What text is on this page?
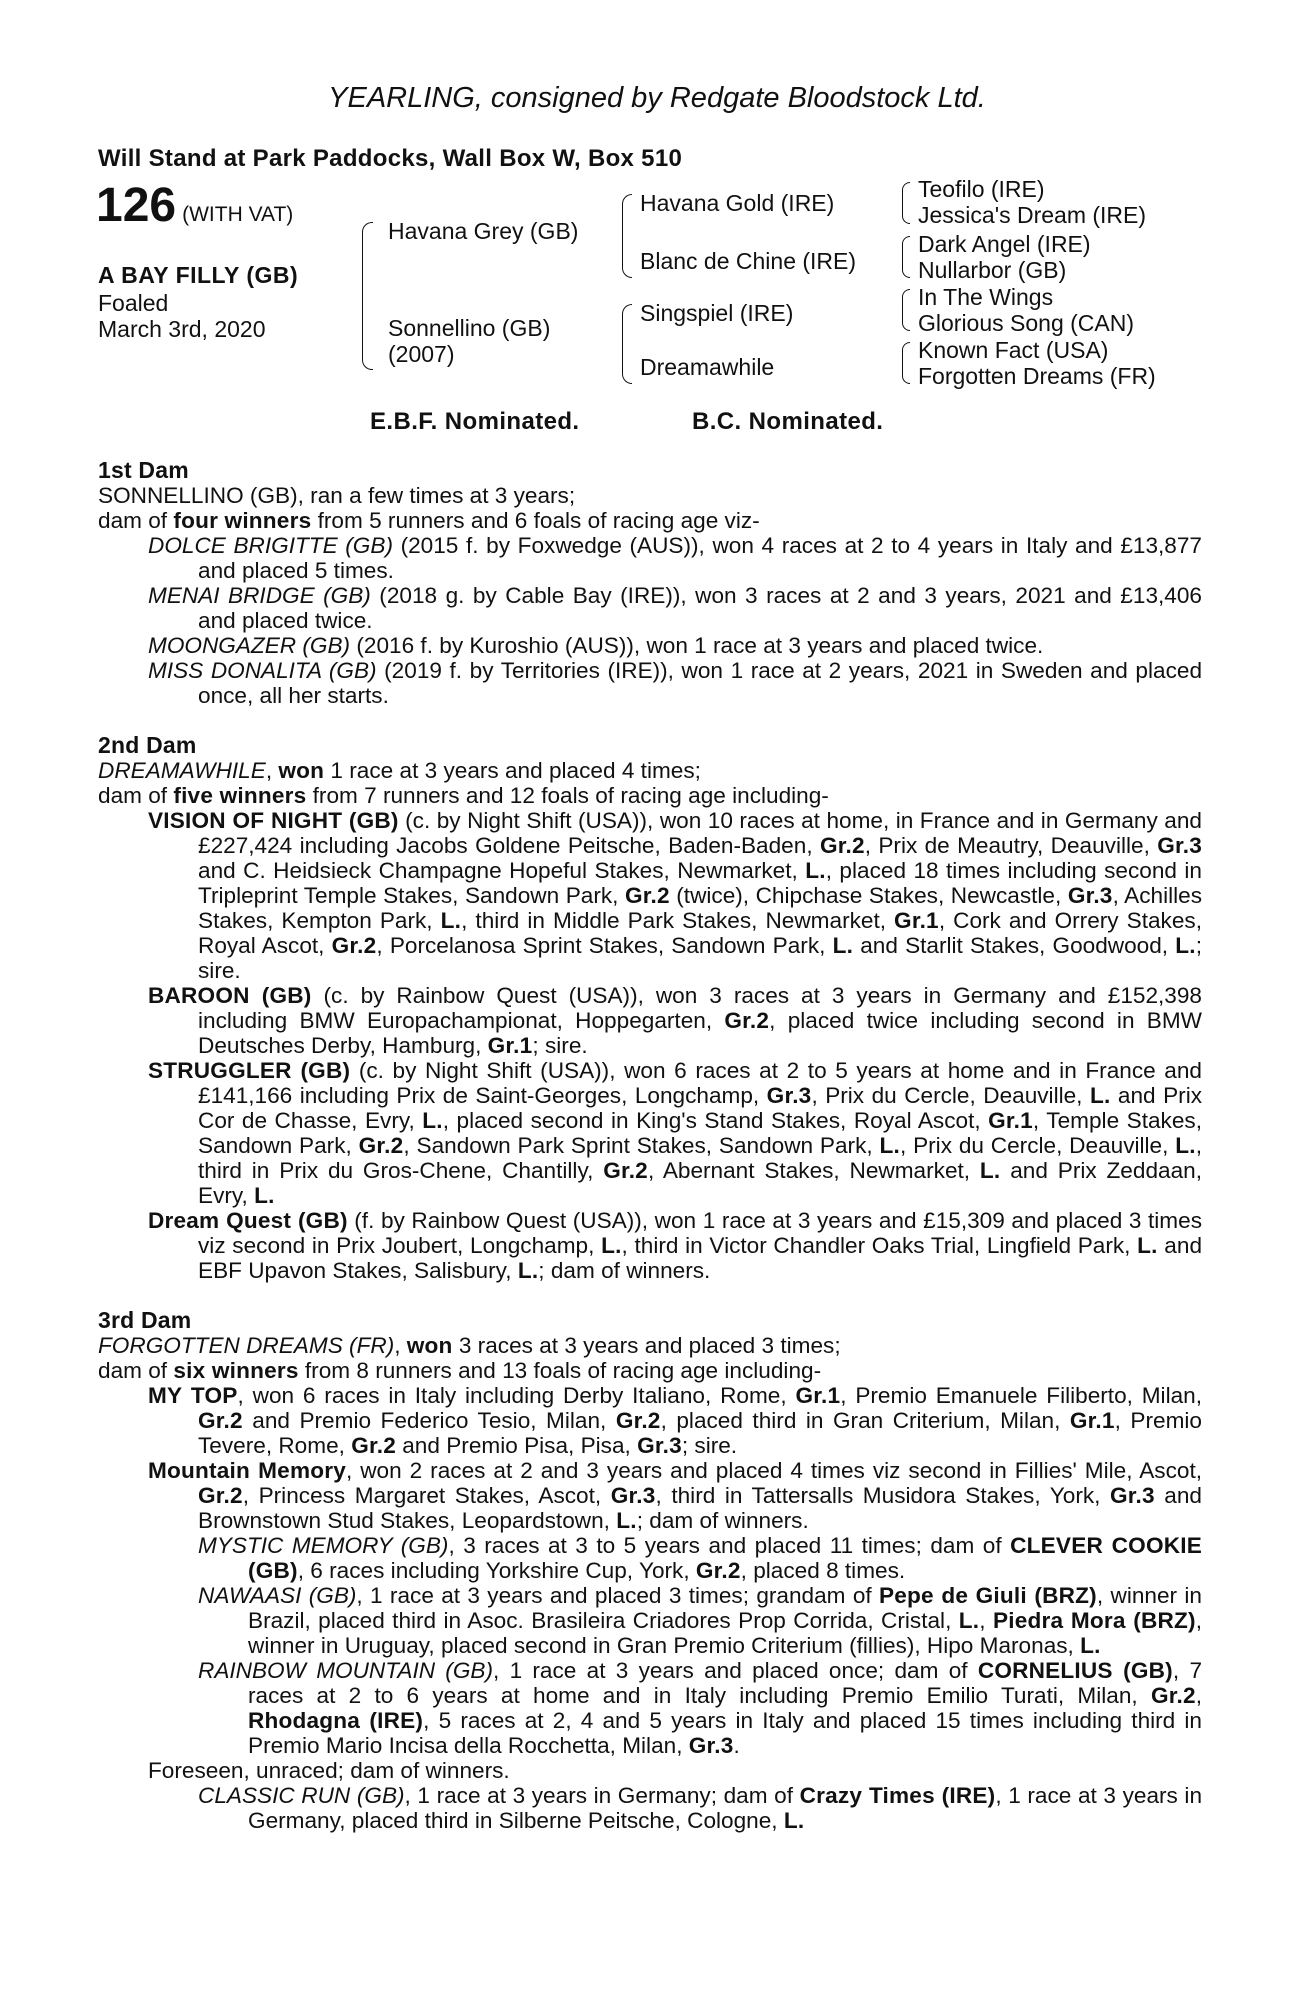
YEARLING, consigned by Redgate Bloodstock Ltd.
Will Stand at Park Paddocks, Wall Box W, Box 510
126 (WITH VAT)
A BAY FILLY (GB)
Foaled
March 3rd, 2020
Havana Grey (GB)
Sonnellino (GB)
(2007)
Havana Gold (IRE)
Blanc de Chine (IRE)
Singspiel (IRE)
Dreamawhile
Teofilo (IRE)
Jessica's Dream (IRE)
Dark Angel (IRE)
Nullarbor (GB)
In The Wings
Glorious Song (CAN)
Known Fact (USA)
Forgotten Dreams (FR)
E.B.F. Nominated.	B.C. Nominated.
1st Dam

SONNELLINO (GB), ran a few times at 3 years;

dam of four winners from 5 runners and 6 foals of racing age viz-

DOLCE BRIGITTE (GB) (2015 f. by Foxwedge (AUS)), won 4 races at 2 to 4 years in Italy and £13,877 and placed 5 times.

MENAI BRIDGE (GB) (2018 g. by Cable Bay (IRE)), won 3 races at 2 and 3 years, 2021 and £13,406 and placed twice.

MOONGAZER (GB) (2016 f. by Kuroshio (AUS)), won 1 race at 3 years and placed twice.

MISS DONALITA (GB) (2019 f. by Territories (IRE)), won 1 race at 2 years, 2021 in Sweden and placed once, all her starts.

2nd Dam

DREAMAWHILE, won 1 race at 3 years and placed 4 times;

dam of five winners from 7 runners and 12 foals of racing age including-

VISION OF NIGHT (GB) (c. by Night Shift (USA)), won 10 races at home, in France and in Germany and £227,424 including Jacobs Goldene Peitsche, Baden-Baden, Gr.2, Prix de Meautry, Deauville, Gr.3 and C. Heidsieck Champagne Hopeful Stakes, Newmarket, L., placed 18 times including second in Tripleprint Temple Stakes, Sandown Park, Gr.2 (twice), Chipchase Stakes, Newcastle, Gr.3, Achilles Stakes, Kempton Park, L., third in Middle Park Stakes, Newmarket, Gr.1, Cork and Orrery Stakes, Royal Ascot, Gr.2, Porcelanosa Sprint Stakes, Sandown Park, L. and Starlit Stakes, Goodwood, L.; sire.

BAROON (GB) (c. by Rainbow Quest (USA)), won 3 races at 3 years in Germany and £152,398 including BMW Europachampionat, Hoppegarten, Gr.2, placed twice including second in BMW Deutsches Derby, Hamburg, Gr.1; sire.

STRUGGLER (GB) (c. by Night Shift (USA)), won 6 races at 2 to 5 years at home and in France and £141,166 including Prix de Saint-Georges, Longchamp, Gr.3, Prix du Cercle, Deauville, L. and Prix Cor de Chasse, Evry, L., placed second in King's Stand Stakes, Royal Ascot, Gr.1, Temple Stakes, Sandown Park, Gr.2, Sandown Park Sprint Stakes, Sandown Park, L., Prix du Cercle, Deauville, L., third in Prix du Gros-Chene, Chantilly, Gr.2, Abernant Stakes, Newmarket, L. and Prix Zeddaan, Evry, L.

Dream Quest (GB) (f. by Rainbow Quest (USA)), won 1 race at 3 years and £15,309 and placed 3 times viz second in Prix Joubert, Longchamp, L., third in Victor Chandler Oaks Trial, Lingfield Park, L. and EBF Upavon Stakes, Salisbury, L.; dam of winners.

3rd Dam

FORGOTTEN DREAMS (FR), won 3 races at 3 years and placed 3 times;

dam of six winners from 8 runners and 13 foals of racing age including-

MY TOP, won 6 races in Italy including Derby Italiano, Rome, Gr.1, Premio Emanuele Filiberto, Milan, Gr.2 and Premio Federico Tesio, Milan, Gr.2, placed third in Gran Criterium, Milan, Gr.1, Premio Tevere, Rome, Gr.2 and Premio Pisa, Pisa, Gr.3; sire.

Mountain Memory, won 2 races at 2 and 3 years and placed 4 times viz second in Fillies' Mile, Ascot, Gr.2, Princess Margaret Stakes, Ascot, Gr.3, third in Tattersalls Musidora Stakes, York, Gr.3 and Brownstown Stud Stakes, Leopardstown, L.; dam of winners.

MYSTIC MEMORY (GB), 3 races at 3 to 5 years and placed 11 times; dam of CLEVER COOKIE (GB), 6 races including Yorkshire Cup, York, Gr.2, placed 8 times.

NAWAASI (GB), 1 race at 3 years and placed 3 times; grandam of Pepe de Giuli (BRZ), winner in Brazil, placed third in Asoc. Brasileira Criadores Prop Corrida, Cristal, L., Piedra Mora (BRZ), winner in Uruguay, placed second in Gran Premio Criterium (fillies), Hipo Maronas, L.

RAINBOW MOUNTAIN (GB), 1 race at 3 years and placed once; dam of CORNELIUS (GB), 7 races at 2 to 6 years at home and in Italy including Premio Emilio Turati, Milan, Gr.2, Rhodagna (IRE), 5 races at 2, 4 and 5 years in Italy and placed 15 times including third in Premio Mario Incisa della Rocchetta, Milan, Gr.3.

Foreseen, unraced; dam of winners.

CLASSIC RUN (GB), 1 race at 3 years in Germany; dam of Crazy Times (IRE), 1 race at 3 years in Germany, placed third in Silberne Peitsche, Cologne, L.
